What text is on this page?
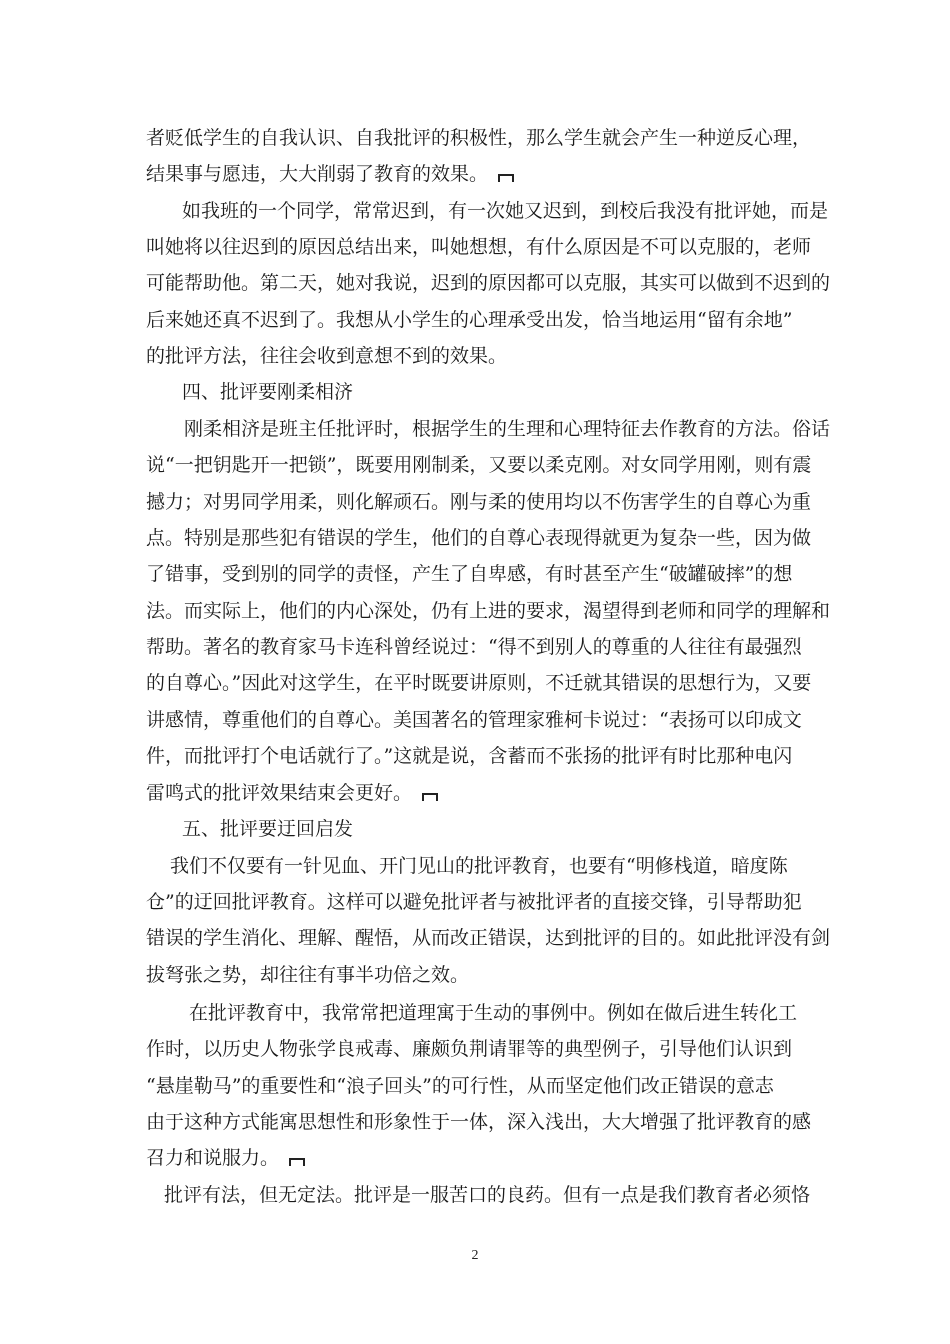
者贬低学生的自我认识、自我批评的积极性，那么学生就会产生一种逆反心理，
结果事与愿违，大大削弱了教育的效果。
如我班的一个同学，常常迟到，有一次她又迟到，到校后我没有批评她，而是
叫她将以往迟到的原因总结出来，叫她想想，有什么原因是不可以克服的，老师
可能帮助他。第二天，她对我说，迟到的原因都可以克服，其实可以做到不迟到的
后来她还真不迟到了。我想从小学生的心理承受出发，恰当地运用“留有余地”
的批评方法，往往会收到意想不到的效果。
四、批评要刚柔相济
刚柔相济是班主任批评时，根据学生的生理和心理特征去作教育的方法。俗话
说“一把钥匙开一把锁”，既要用刚制柔，又要以柔克刚。对女同学用刚，则有震
撼力；对男同学用柔，则化解顽石。刚与柔的使用均以不伤害学生的自尊心为重
点。特别是那些犯有错误的学生，他们的自尊心表现得就更为复杂一些，因为做
了错事，受到别的同学的责怪，产生了自卑感，有时甚至产生“破罐破摔”的想
法。而实际上，他们的内心深处，仍有上进的要求，渴望得到老师和同学的理解和
帮助。著名的教育家马卡连科曾经说过：“得不到别人的尊重的人往往有最强烈
的自尊心。”因此对这学生，在平时既要讲原则，不迁就其错误的思想行为，又要
讲感情，尊重他们的自尊心。美国著名的管理家雅柯卡说过：“表扬可以印成文
件，而批评打个电话就行了。”这就是说，含蓄而不张扬的批评有时比那种电闪
雷鸣式的批评效果结束会更好。
五、批评要迂回启发
我们不仅要有一针见血、开门见山的批评教育，也要有“明修栈道，暗度陈
仓”的迂回批评教育。这样可以避免批评者与被批评者的直接交锋，引导帮助犯
错误的学生消化、理解、醒悟，从而改正错误，达到批评的目的。如此批评没有剑
拔弩张之势，却往往有事半功倍之效。
在批评教育中，我常常把道理寓于生动的事例中。例如在做后进生转化工
作时，以历史人物张学良戒毒、廉颇负荆请罪等的典型例子，引导他们认识到
“悬崖勒马”的重要性和“浪子回头”的可行性，从而坚定他们改正错误的意志
由于这种方式能寓思想性和形象性于一体，深入浅出，大大增强了批评教育的感
召力和说服力。
批评有法，但无定法。批评是一服苦口的良药。但有一点是我们教育者必须恪
2
